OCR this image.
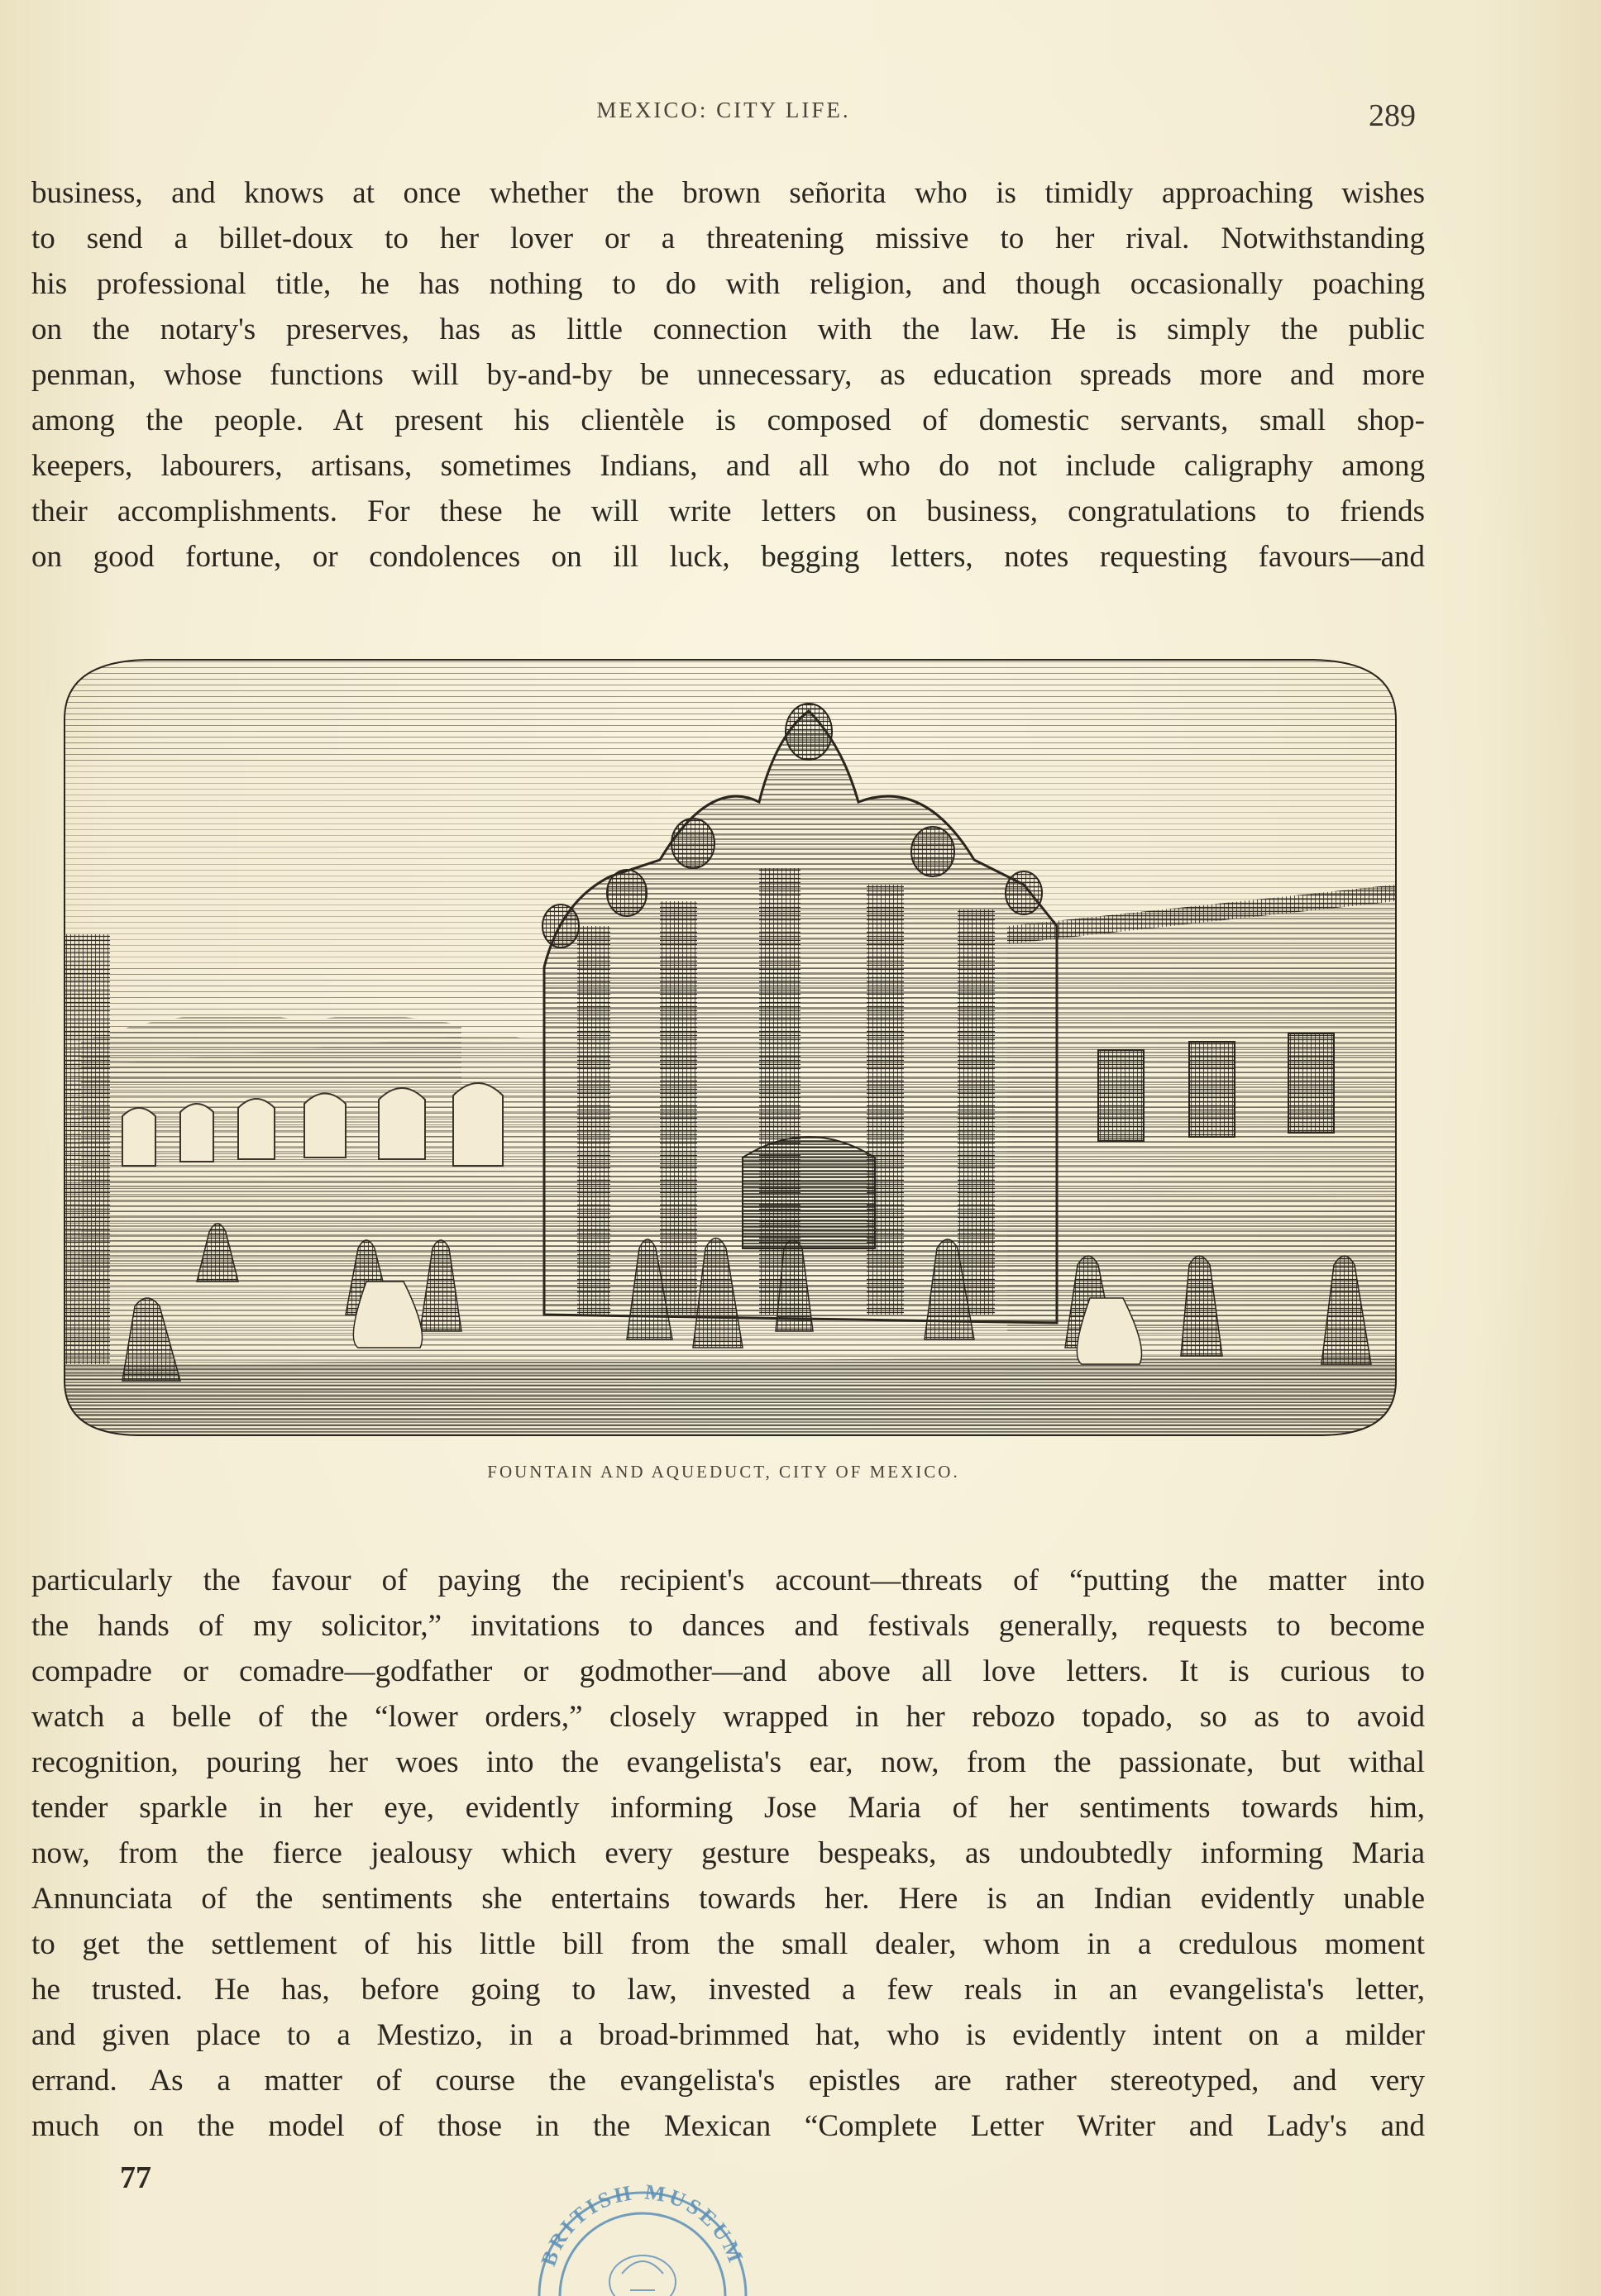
MEXICO: CITY LIFE.	289
business, and knows at once whether the brown señorita who is timidly approaching wishes
to send a billet-doux to her lover or a threatening missive to her rival. Notwithstanding
his professional title, he has nothing to do with religion, and though occasionally poaching
on the notary's preserves, has as little connection with the law. He is simply the public
penman, whose functions will by-and-by be unnecessary, as education spreads more and more
among the people. At present his clientèle is composed of domestic servants, small shop-
keepers, labourers, artisans, sometimes Indians, and all who do not include caligraphy among
their accomplishments. For these he will write letters on business, congratulations to friends
on good fortune, or condolences on ill luck, begging letters, notes requesting favours—and
FOUNTAIN AND AQUEDUCT, CITY OF MEXICO.
particularly the favour of paying the recipient's account—threats of “putting the matter into
the hands of my solicitor,” invitations to dances and festivals generally, requests to become
compadre or comadre—godfather or godmother—and above all love letters. It is curious to
watch a belle of the “lower orders,” closely wrapped in her rebozo topado, so as to avoid
recognition, pouring her woes into the evangelista's ear, now, from the passionate, but withal
tender sparkle in her eye, evidently informing Jose Maria of her sentiments towards him,
now, from the fierce jealousy which every gesture bespeaks, as undoubtedly informing Maria
Annunciata of the sentiments she entertains towards her. Here is an Indian evidently unable
to get the settlement of his little bill from the small dealer, whom in a credulous moment
he trusted. He has, before going to law, invested a few reals in an evangelista's letter,
and given place to a Mestizo, in a broad-brimmed hat, who is evidently intent on a milder
errand. As a matter of course the evangelista's epistles are rather stereotyped, and very
much on the model of those in the Mexican “Complete Letter Writer and Lady's and
77
BRITISH MUSEUM
